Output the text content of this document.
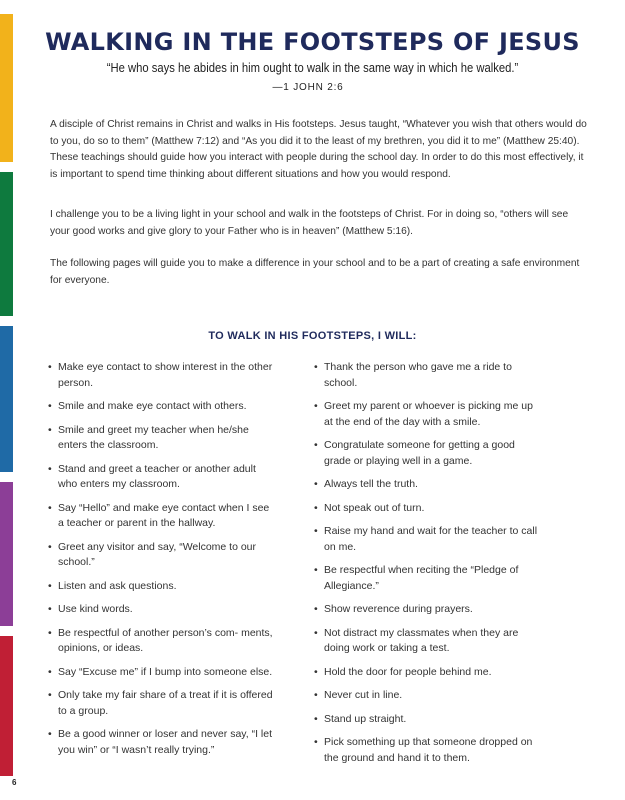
WALKING IN THE FOOTSTEPS OF JESUS

“He who says he abides in him ought to walk in the same way in which he walked.”

—1 JOHN 2:6

A disciple of Christ remains in Christ and walks in His footsteps. Jesus taught, “Whatever you wish that others would do to you, do so to them” (Matthew 7:12) and “As you did it to the least of my brethren, you did it to me” (Matthew 25:40). These teachings should guide how you interact with people during the school day. In order to do this most effectively, it is important to spend time thinking about different situations and how you would respond.

I challenge you to be a living light in your school and walk in the footsteps of Christ. For in doing so, “others will see your good works and give glory to your Father who is in heaven” (Matthew 5:16).

The following pages will guide you to make a difference in your school and to be a part of creating a safe environment for everyone.

TO WALK IN HIS FOOTSTEPS, I WILL:
• Make eye contact to show interest in the other person.
• Smile and make eye contact with others.
• Smile and greet my teacher when he/she enters the classroom.
• Stand and greet a teacher or another adult who enters my classroom.
• Say “Hello” and make eye contact when I see a teacher or parent in the hallway.
• Greet any visitor and say, “Welcome to our school.”
• Listen and ask questions.
• Use kind words.
• Be respectful of another person’s com- ments, opinions, or ideas.
• Say “Excuse me” if I bump into someone else.
• Only take my fair share of a treat if it is offered to a group.
• Be a good winner or loser and never say, “I let you win” or “I wasn’t really trying.”
• Thank the person who gave me a ride to school.
• Greet my parent or whoever is picking me up at the end of the day with a smile.
• Congratulate someone for getting a good grade or playing well in a game.
• Always tell the truth.
• Not speak out of turn.
• Raise my hand and wait for the teacher to call on me.
• Be respectful when reciting the “Pledge of Allegiance.”
• Show reverence during prayers.
• Not distract my classmates when they are doing work or taking a test.
• Hold the door for people behind me.
• Never cut in line.
• Stand up straight.
• Pick something up that someone dropped on the ground and hand it to them.
6
